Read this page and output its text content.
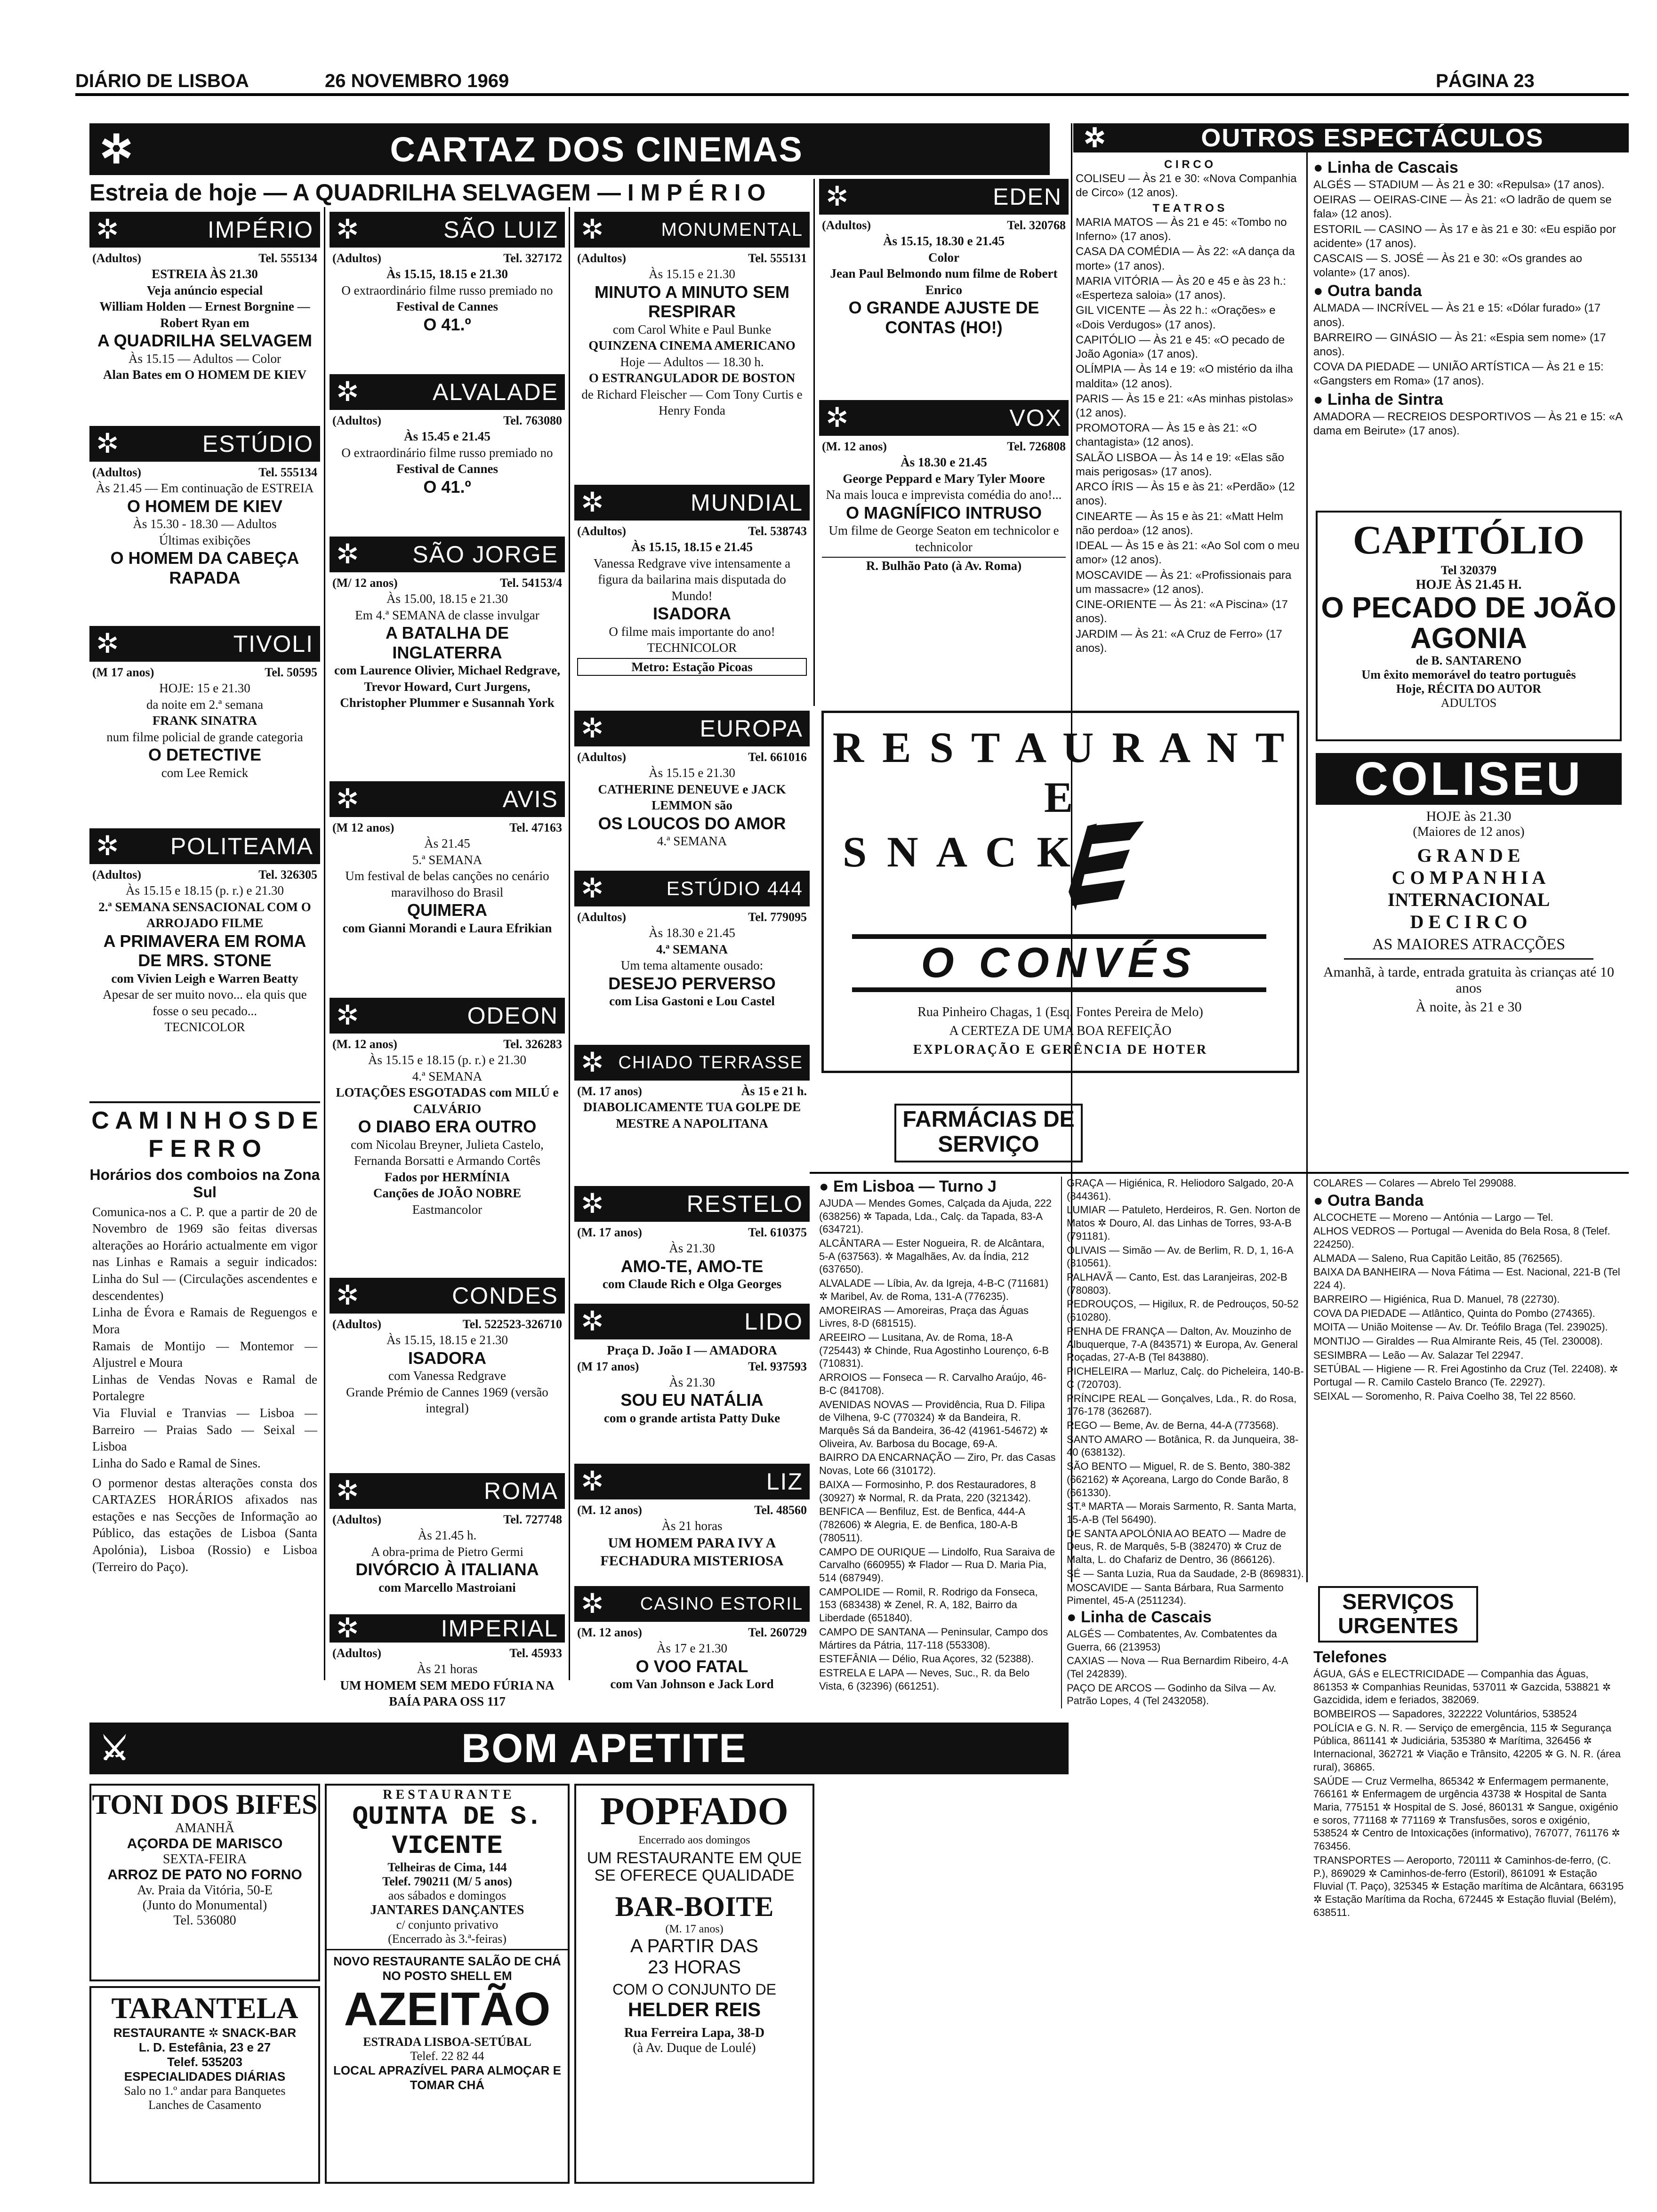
DIÁRIO DE LISBOA	26 NOVEMBRO 1969	PÁGINA 23
✲	CARTAZ DOS CINEMAS
Estreia de hoje — A QUADRILHA SELVAGEM — I M P É R I O
✲	IMPÉRIO
(Adultos)	Tel. 555134
ESTREIA ÀS 21.30
Veja anúncio especial
William Holden — Ernest Borgnine — Robert Ryan em
A QUADRILHA SELVAGEM
Às 15.15 — Adultos — Color
Alan Bates em O HOMEM DE KIEV
✲	ESTÚDIO
(Adultos)	Tel. 555134
Às 21.45 — Em continuação de ESTREIA
O HOMEM DE KIEV
Às 15.30 - 18.30 — Adultos
Últimas exibições
O HOMEM DA CABEÇA RAPADA
✲	TIVOLI
(M 17 anos)	Tel. 50595
HOJE: 15 e 21.30
da noite em 2.ª semana
FRANK SINATRA
num filme policial de grande categoria
O DETECTIVE
com Lee Remick
✲	POLITEAMA
(Adultos)	Tel. 326305
Às 15.15 e 18.15 (p. r.) e 21.30
2.ª SEMANA SENSACIONAL COM O ARROJADO FILME
A PRIMAVERA EM ROMA DE MRS. STONE
com Vivien Leigh e Warren Beatty
Apesar de ser muito novo... ela quis que fosse o seu pecado...
TECNICOLOR
C A M I N H O S D E F E R R O
Horários dos comboios na Zona Sul

Comunica-nos a C. P. que a partir de 20 de Novembro de 1969 são feitas diversas alterações ao Horário actualmente em vigor nas Linhas e Ramais a seguir indicados: Linha do Sul — (Circulações ascendentes e descendentes)

Linha de Évora e Ramais de Reguengos e Mora

Ramais de Montijo — Montemor — Aljustrel e Moura

Linhas de Vendas Novas e Ramal de Portalegre

Via Fluvial e Tranvias — Lisboa — Barreiro — Praias Sado — Seixal — Lisboa

Linha do Sado e Ramal de Sines.

O pormenor destas alterações consta dos CARTAZES HORÁRIOS afixados nas estações e nas Secções de Informação ao Público, das estações de Lisboa (Santa Apolónia), Lisboa (Rossio) e Lisboa (Terreiro do Paço).

✲	SÃO LUIZ
(Adultos)	Tel. 327172
Às 15.15, 18.15 e 21.30
O extraordinário filme russo premiado no
Festival de Cannes
O 41.º
✲	ALVALADE
(Adultos)	Tel. 763080
Às 15.45 e 21.45
O extraordinário filme russo premiado no
Festival de Cannes
O 41.º
✲	SÃO JORGE
(M/ 12 anos)	Tel. 54153/4
Às 15.00, 18.15 e 21.30
Em 4.ª SEMANA de classe invulgar
A BATALHA DE INGLATERRA
com Laurence Olivier, Michael Redgrave, Trevor Howard, Curt Jurgens, Christopher Plummer e Susannah York
✲	AVIS
(M 12 anos)	Tel. 47163
Às 21.45
5.ª SEMANA
Um festival de belas canções no cenário maravilhoso do Brasil
QUIMERA
com Gianni Morandi e Laura Efrikian
✲	ODEON
(M. 12 anos)	Tel. 326283
Às 15.15 e 18.15 (p. r.) e 21.30
4.ª SEMANA
LOTAÇÕES ESGOTADAS com MILÚ e CALVÁRIO
O DIABO ERA OUTRO
com Nicolau Breyner, Julieta Castelo, Fernanda Borsatti e Armando Cortês
Fados por HERMÍNIA
Canções de JOÃO NOBRE
Eastmancolor
✲	CONDES
(Adultos)	Tel. 522523-326710
Às 15.15, 18.15 e 21.30
ISADORA
com Vanessa Redgrave
Grande Prémio de Cannes 1969 (versão integral)
✲	ROMA
(Adultos)	Tel. 727748
Às 21.45 h.
A obra-prima de Pietro Germi
DIVÓRCIO À ITALIANA
com Marcello Mastroiani
✲	IMPERIAL
(Adultos)	Tel. 45933
Às 21 horas
UM HOMEM SEM MEDO FÚRIA NA BAÍA PARA OSS 117
✲	MONUMENTAL
(Adultos)	Tel. 555131
Às 15.15 e 21.30
MINUTO A MINUTO SEM RESPIRAR
com Carol White e Paul Bunke
QUINZENA CINEMA AMERICANO
Hoje — Adultos — 18.30 h.
O ESTRANGULADOR DE BOSTON
de Richard Fleischer — Com Tony Curtis e Henry Fonda
✲	MUNDIAL
(Adultos)	Tel. 538743
Às 15.15, 18.15 e 21.45
Vanessa Redgrave vive intensamente a figura da bailarina mais disputada do Mundo!
ISADORA
O filme mais importante do ano!
TECHNICOLOR
Metro: Estação Picoas
✲	EUROPA
(Adultos)	Tel. 661016
Às 15.15 e 21.30
CATHERINE DENEUVE e JACK LEMMON são
OS LOUCOS DO AMOR
4.ª SEMANA
✲	ESTÚDIO 444
(Adultos)	Tel. 779095
Às 18.30 e 21.45
4.ª SEMANA
Um tema altamente ousado:
DESEJO PERVERSO
com Lisa Gastoni e Lou Castel
✲ CHIADO TERRASSE
(M. 17 anos)	Às 15 e 21 h.
DIABOLICAMENTE TUA GOLPE DE MESTRE A NAPOLITANA
✲	RESTELO
(M. 17 anos)	Tel. 610375
Às 21.30
AMO-TE, AMO-TE
com Claude Rich e Olga Georges
✲	LIDO
Praça D. João I — AMADORA
(M 17 anos)	Tel. 937593
Às 21.30
SOU EU NATÁLIA
com o grande artista Patty Duke
✲	LIZ
(M. 12 anos)	Tel. 48560
Às 21 horas
UM HOMEM PARA IVY A FECHADURA MISTERIOSA
✲	CASINO ESTORIL
(M. 12 anos)	Tel. 260729
Às 17 e 21.30
O VOO FATAL
com Van Johnson e Jack Lord
✲	EDEN
(Adultos)	Tel. 320768
Às 15.15, 18.30 e 21.45
Color
Jean Paul Belmondo num filme de Robert Enrico
O GRANDE AJUSTE DE CONTAS (HO!)
✲	VOX
(M. 12 anos)	Tel. 726808
Às 18.30 e 21.45
George Peppard e Mary Tyler Moore
Na mais louca e imprevista comédia do ano!...
O MAGNÍFICO INTRUSO
Um filme de George Seaton em technicolor e technicolor
R. Bulhão Pato (à Av. Roma)
R E S T A U R A N T E
S N A C K
O CONVÉS
Rua Pinheiro Chagas, 1 (Esq. Fontes Pereira de Melo)
A CERTEZA DE UMA BOA REFEIÇÃO
EXPLORAÇÃO E GERÊNCIA DE HOTER
✲	OUTROS ESPECTÁCULOS
C I R C O

COLISEU — Às 21 e 30: «Nova Companhia de Circo» (12 anos).

T E A T R O S

MARIA MATOS — Às 21 e 45: «Tombo no Inferno» (17 anos).

CASA DA COMÉDIA — Às 22: «A dança da morte» (17 anos).

MARIA VITÓRIA — Às 20 e 45 e às 23 h.: «Esperteza saloia» (17 anos).

GIL VICENTE — Às 22 h.: «Orações» e «Dois Verdugos» (17 anos).

CAPITÓLIO — Às 21 e 45: «O pecado de João Agonia» (17 anos).

OLÍMPIA — Às 14 e 19: «O mistério da ilha maldita» (12 anos).

PARIS — Às 15 e 21: «As minhas pistolas» (12 anos).

PROMOTORA — Às 15 e às 21: «O chantagista» (12 anos).

SALÃO LISBOA — Às 14 e 19: «Elas são mais perigosas» (17 anos).

ARCO ÍRIS — Às 15 e às 21: «Perdão» (12 anos).

CINEARTE — Às 15 e às 21: «Matt Helm não perdoa» (12 anos).

IDEAL — Às 15 e às 21: «Ao Sol com o meu amor» (12 anos).

MOSCAVIDE — Às 21: «Profissionais para um massacre» (12 anos).

CINE-ORIENTE — Às 21: «A Piscina» (17 anos).

JARDIM — Às 21: «A Cruz de Ferro» (17 anos).

● Linha de Cascais

ALGÉS — STADIUM — Às 21 e 30: «Repulsa» (17 anos).

OEIRAS — OEIRAS-CINE — Às 21: «O ladrão de quem se fala» (12 anos).

ESTORIL — CASINO — Às 17 e às 21 e 30: «Eu espião por acidente» (17 anos).

CASCAIS — S. JOSÉ — Às 21 e 30: «Os grandes ao volante» (17 anos).

● Outra banda

ALMADA — INCRÍVEL — Às 21 e 15: «Dólar furado» (17 anos).

BARREIRO — GINÁSIO — Às 21: «Espia sem nome» (17 anos).

COVA DA PIEDADE — UNIÃO ARTÍSTICA — Às 21 e 15: «Gangsters em Roma» (17 anos).

● Linha de Sintra

AMADORA — RECREIOS DESPORTIVOS — Às 21 e 15: «A dama em Beirute» (17 anos).

CAPITÓLIO
Tel 320379
HOJE ÀS 21.45 H.
O PECADO DE JOÃO AGONIA
de B. SANTARENO
Um êxito memorável do teatro português
Hoje, RÉCITA DO AUTOR
ADULTOS
COLISEU
HOJE às 21.30
(Maiores de 12 anos)
G R A N D E
C O M P A N H I A
INTERNACIONAL
D E C I R C O
AS MAIORES ATRACÇÕES
Amanhã, à tarde, entrada gratuita às crianças até 10 anos
À noite, às 21 e 30
FARMÁCIAS DE SERVIÇO
● Em Lisboa — Turno J

AJUDA — Mendes Gomes, Calçada da Ajuda, 222 (638256) ✲ Tapada, Lda., Calç. da Tapada, 83-A (634721).

ALCÂNTARA — Ester Nogueira, R. de Alcântara, 5-A (637563). ✲ Magalhães, Av. da Índia, 212 (637650).

ALVALADE — Líbia, Av. da Igreja, 4-B-C (711681) ✲ Maribel, Av. de Roma, 131-A (776235).

AMOREIRAS — Amoreiras, Praça das Águas Livres, 8-D (681515).

AREEIRO — Lusitana, Av. de Roma, 18-A (725443) ✲ Chinde, Rua Agostinho Lourenço, 6-B (710831).

ARROIOS — Fonseca — R. Carvalho Araújo, 46-B-C (841708).

AVENIDAS NOVAS — Providência, Rua D. Filipa de Vilhena, 9-C (770324) ✲ da Bandeira, R. Marquês Sá da Bandeira, 36-42 (41961-54672) ✲ Oliveira, Av. Barbosa du Bocage, 69-A.

BAIRRO DA ENCARNAÇÃO — Ziro, Pr. das Casas Novas, Lote 66 (310172).

BAIXA — Formosinho, P. dos Restauradores, 8 (30927) ✲ Normal, R. da Prata, 220 (321342).

BENFICA — Benfiluz, Est. de Benfica, 444-A (782606) ✲ Alegria, E. de Benfica, 180-A-B (780511).

CAMPO DE OURIQUE — Lindolfo, Rua Saraiva de Carvalho (660955) ✲ Flador — Rua D. Maria Pia, 514 (687949).

CAMPOLIDE — Romil, R. Rodrigo da Fonseca, 153 (683438) ✲ Zenel, R. A, 182, Bairro da Liberdade (651840).

CAMPO DE SANTANA — Peninsular, Campo dos Mártires da Pátria, 117-118 (553308).

ESTEFÂNIA — Délio, Rua Açores, 32 (52388).

ESTRELA E LAPA — Neves, Suc., R. da Belo Vista, 6 (32396) (661251).

GRAÇA — Higiénica, R. Heliodoro Salgado, 20-A (844361).

LUMIAR — Patuleto, Herdeiros, R. Gen. Norton de Matos ✲ Douro, Al. das Linhas de Torres, 93-A-B (791181).

OLIVAIS — Simão — Av. de Berlim, R. D, 1, 16-A (310561).

PALHAVÃ — Canto, Est. das Laranjeiras, 202-B (780803).

PEDROUÇOS, — Higilux, R. de Pedrouços, 50-52 (610280).

PENHA DE FRANÇA — Dalton, Av. Mouzinho de Albuquerque, 7-A (843571) ✲ Europa, Av. General Roçadas, 27-A-B (Tel 843880).

PICHELEIRA — Marluz, Calç. do Picheleira, 140-B-C (720703).

PRÍNCIPE REAL — Gonçalves, Lda., R. do Rosa, 176-178 (362687).

REGO — Beme, Av. de Berna, 44-A (773568).

SANTO AMARO — Botânica, R. da Junqueira, 38-40 (638132).

SÃO BENTO — Miguel, R. de S. Bento, 380-382 (662162) ✲ Açoreana, Largo do Conde Barão, 8 (661330).

ST.ª MARTA — Morais Sarmento, R. Santa Marta, 15-A-B (Tel 56490).

DE SANTA APOLÓNIA AO BEATO — Madre de Deus, R. de Marquês, 5-B (382470) ✲ Cruz de Malta, L. do Chafariz de Dentro, 36 (866126).

SÉ — Santa Luzia, Rua da Saudade, 2-B (869831).

MOSCAVIDE — Santa Bárbara, Rua Sarmento Pimentel, 45-A (2511234).

● Linha de Cascais

ALGÉS — Combatentes, Av. Combatentes da Guerra, 66 (213953)

CAXIAS — Nova — Rua Bernardim Ribeiro, 4-A (Tel 242839).

PAÇO DE ARCOS — Godinho da Silva — Av. Patrão Lopes, 4 (Tel 2432058).

COLARES — Colares — Abrelo Tel 299088.

● Outra Banda

ALCOCHETE — Moreno — Antónia — Largo — Tel.

ALHOS VEDROS — Portugal — Avenida do Bela Rosa, 8 (Telef. 224250).

ALMADA — Saleno, Rua Capitão Leitão, 85 (762565).

BAIXA DA BANHEIRA — Nova Fátima — Est. Nacional, 221-B (Tel 224 4).

BARREIRO — Higiénica, Rua D. Manuel, 78 (22730).

COVA DA PIEDADE — Atlântico, Quinta do Pombo (274365).

MOITA — União Moitense — Av. Dr. Teófilo Braga (Tel. 239025).

MONTIJO — Giraldes — Rua Almirante Reis, 45 (Tel. 230008).

SESIMBRA — Leão — Av. Salazar Tel 22947.

SETÚBAL — Higiene — R. Frei Agostinho da Cruz (Tel. 22408). ✲ Portugal — R. Camilo Castelo Branco (Te. 22927).

SEIXAL — Soromenho, R. Paiva Coelho 38, Tel 22 8560.

SERVIÇOS URGENTES
Telefones

ÁGUA, GÁS e ELECTRICIDADE — Companhia das Águas, 861353 ✲ Companhias Reunidas, 537011 ✲ Gazcida, 538821 ✲ Gazcidida, idem e feriados, 382069.

BOMBEIROS — Sapadores, 322222 Voluntários, 538524

POLÍCIA e G. N. R. — Serviço de emergência, 115 ✲ Segurança Pública, 861141 ✲ Judiciária, 535380 ✲ Marítima, 326456 ✲ Internacional, 362721 ✲ Viação e Trânsito, 42205 ✲ G. N. R. (área rural), 36865.

SAÚDE — Cruz Vermelha, 865342 ✲ Enfermagem permanente, 766161 ✲ Enfermagem de urgência 43738 ✲ Hospital de Santa Maria, 775151 ✲ Hospital de S. José, 860131 ✲ Sangue, oxigénio e soros, 771168 ✲ 771169 ✲ Transfusões, soros e oxigénio, 538524 ✲ Centro de Intoxicações (informativo), 767077, 761176 ✲ 763456.

TRANSPORTES — Aeroporto, 720111 ✲ Caminhos-de-ferro, (C. P.), 869029 ✲ Caminhos-de-ferro (Estoril), 861091 ✲ Estação Fluvial (T. Paço), 325345 ✲ Estação marítima de Alcântara, 663195 ✲ Estação Marítima da Rocha, 672445 ✲ Estação fluvial (Belém), 638511.

⚔	BOM APETITE
TONI DOS BIFES
AMANHÃ
AÇORDA DE MARISCO
SEXTA-FEIRA
ARROZ DE PATO NO FORNO
Av. Praia da Vitória, 50-E
(Junto do Monumental)
Tel. 536080
TARANTELA
RESTAURANTE ✲ SNACK-BAR
L. D. Estefânia, 23 e 27
Telef. 535203
ESPECIALIDADES DIÁRIAS
Salo no 1.º andar para Banquetes
Lanches de Casamento
R E S T A U R A N T E
QUINTA DE S. VICENTE
Telheiras de Cima, 144
Telef. 790211 (M/ 5 anos)
aos sábados e domingos
JANTARES DANÇANTES
c/ conjunto privativo
(Encerrado às 3.ª-feiras)
NOVO RESTAURANTE SALÃO DE CHÁ
NO POSTO SHELL EM
AZEITÃO
ESTRADA LISBOA-SETÚBAL
Telef. 22 82 44
LOCAL APRAZÍVEL PARA ALMOÇAR E TOMAR CHÁ
POPFADO
Encerrado aos domingos
UM RESTAURANTE EM QUE SE OFERECE QUALIDADE
BAR-BOITE
(M. 17 anos)
A PARTIR DAS
23 HORAS
COM O CONJUNTO DE
HELDER REIS
Rua Ferreira Lapa, 38-D
(à Av. Duque de Loulé)
